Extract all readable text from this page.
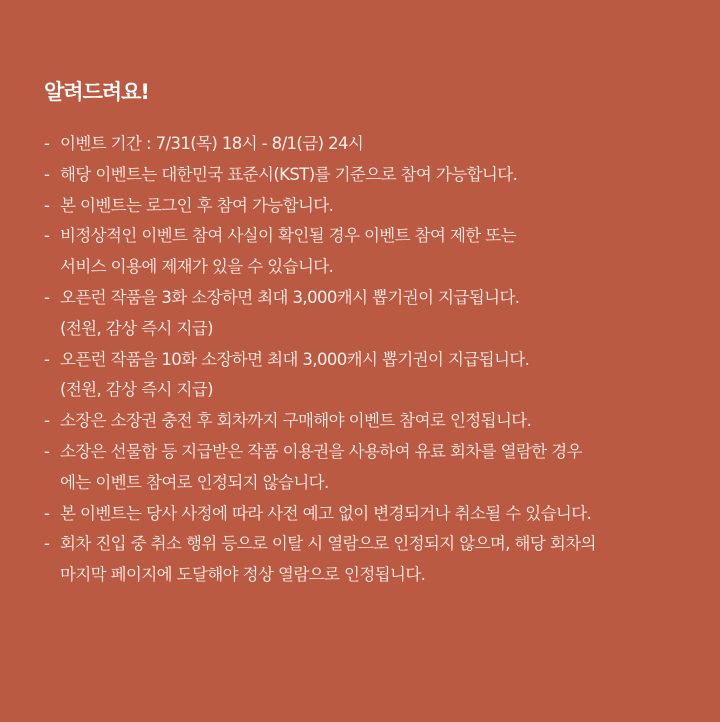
알려드려요!
- 이벤트 기간 : 7/31(목) 18시 - 8/1(금) 24시
- 해당 이벤트는 대한민국 표준시(KST)를 기준으로 참여 가능합니다.
- 본 이벤트는 로그인 후 참여 가능합니다.
- 비정상적인 이벤트 참여 사실이 확인될 경우 이벤트 참여 제한 또는
서비스 이용에 제재가 있을 수 있습니다.
- 오픈런 작품을 3화 소장하면 최대 3,000캐시 뽑기권이 지급됩니다.
(전원, 감상 즉시 지급)
- 오픈런 작품을 10화 소장하면 최대 3,000캐시 뽑기권이 지급됩니다.
(전원, 감상 즉시 지급)
- 소장은 소장권 충전 후 회차까지 구매해야 이벤트 참여로 인정됩니다.
- 소장은 선물함 등 지급받은 작품 이용권을 사용하여 유료 회차를 열람한 경우
에는 이벤트 참여로 인정되지 않습니다.
- 본 이벤트는 당사 사정에 따라 사전 예고 없이 변경되거나 취소될 수 있습니다.
- 회차 진입 중 취소 행위 등으로 이탈 시 열람으로 인정되지 않으며, 해당 회차의
마지막 페이지에 도달해야 정상 열람으로 인정됩니다.
